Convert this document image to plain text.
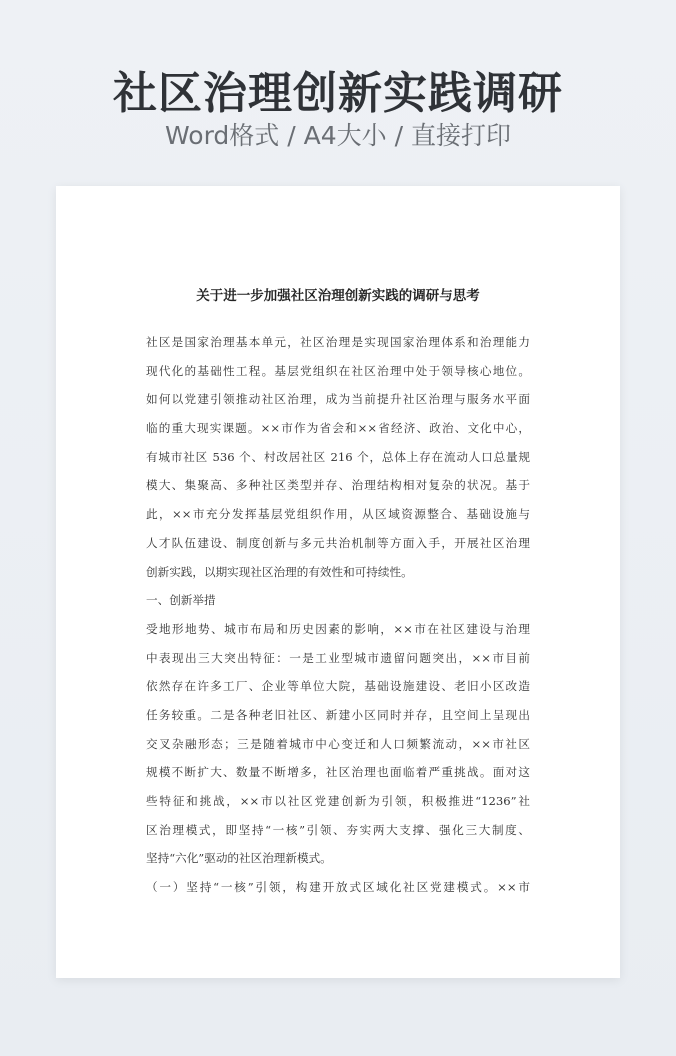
社区治理创新实践调研
Word格式 / A4大小 / 直接打印
关于进一步加强社区治理创新实践的调研与思考
社区是国家治理基本单元，社区治理是实现国家治理体系和治理能力
现代化的基础性工程。基层党组织在社区治理中处于领导核心地位。
如何以党建引领推动社区治理，成为当前提升社区治理与服务水平面
临的重大现实课题。××市作为省会和××省经济、政治、文化中心，
有城市社区 536 个、村改居社区 216 个，总体上存在流动人口总量规
模大、集聚高、多种社区类型并存、治理结构相对复杂的状况。基于
此，××市充分发挥基层党组织作用，从区域资源整合、基础设施与
人才队伍建设、制度创新与多元共治机制等方面入手，开展社区治理
创新实践，以期实现社区治理的有效性和可持续性。
一、创新举措
受地形地势、城市布局和历史因素的影响，××市在社区建设与治理
中表现出三大突出特征：一是工业型城市遗留问题突出，××市目前
依然存在许多工厂、企业等单位大院，基础设施建设、老旧小区改造
任务较重。二是各种老旧社区、新建小区同时并存，且空间上呈现出
交叉杂融形态；三是随着城市中心变迁和人口频繁流动，××市社区
规模不断扩大、数量不断增多，社区治理也面临着严重挑战。面对这
些特征和挑战，××市以社区党建创新为引领，积极推进“1236”社
区治理模式，即坚持“一核”引领、夯实两大支撑、强化三大制度、
坚持“六化”驱动的社区治理新模式。
（一）坚持“一核”引领，构建开放式区域化社区党建模式。××市
